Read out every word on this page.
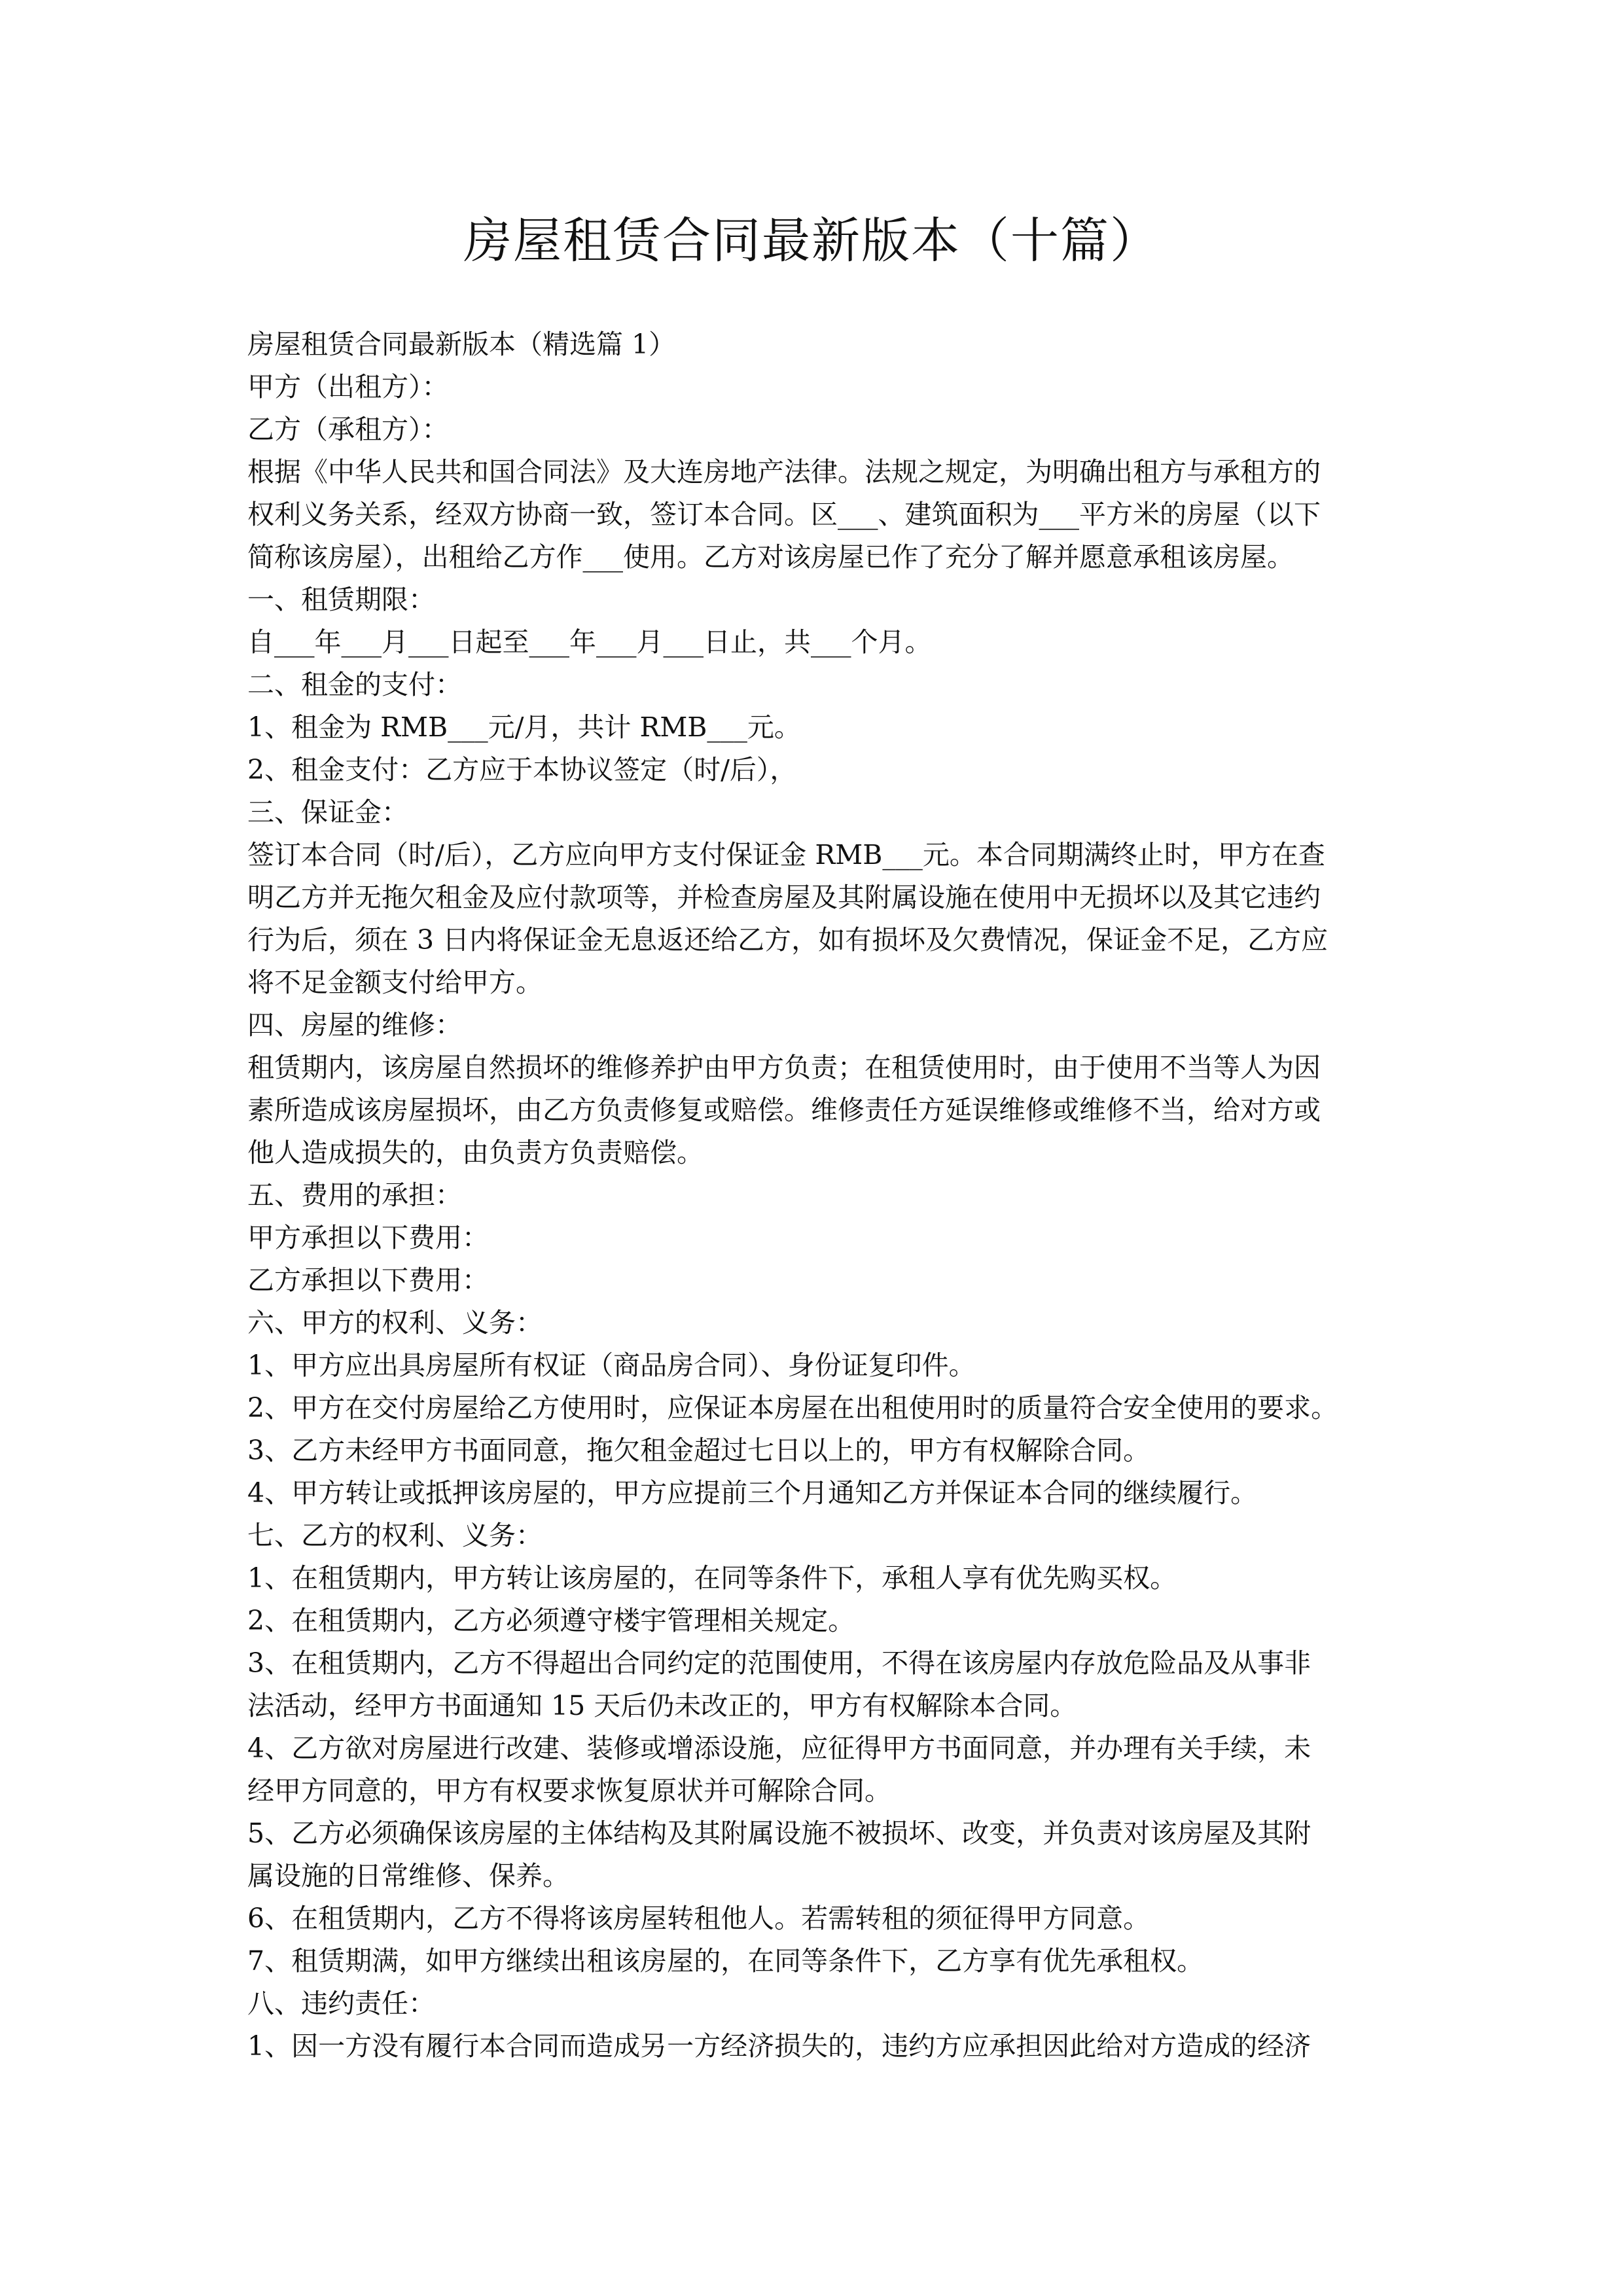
房屋租赁合同最新版本（十篇）
房屋租赁合同最新版本（精选篇 1）
甲方（出租方）：
乙方（承租方）：
根据《中华人民共和国合同法》及大连房地产法律。法规之规定，为明确出租方与承租方的
权利义务关系，经双方协商一致，签订本合同。区___、建筑面积为___平方米的房屋（以下
简称该房屋），出租给乙方作___使用。乙方对该房屋已作了充分了解并愿意承租该房屋。
一、租赁期限：
自___年___月___日起至___年___月___日止，共___个月。
二、租金的支付：
1、租金为 RMB___元/月，共计 RMB___元。
2、租金支付：乙方应于本协议签定（时/后），
三、保证金：
签订本合同（时/后），乙方应向甲方支付保证金 RMB___元。本合同期满终止时，甲方在查
明乙方并无拖欠租金及应付款项等，并检查房屋及其附属设施在使用中无损坏以及其它违约
行为后，须在 3 日内将保证金无息返还给乙方，如有损坏及欠费情况，保证金不足，乙方应
将不足金额支付给甲方。
四、房屋的维修：
租赁期内，该房屋自然损坏的维修养护由甲方负责；在租赁使用时，由于使用不当等人为因
素所造成该房屋损坏，由乙方负责修复或赔偿。维修责任方延误维修或维修不当，给对方或
他人造成损失的，由负责方负责赔偿。
五、费用的承担：
甲方承担以下费用：
乙方承担以下费用：
六、甲方的权利、义务：
1、甲方应出具房屋所有权证（商品房合同）、身份证复印件。
2、甲方在交付房屋给乙方使用时，应保证本房屋在出租使用时的质量符合安全使用的要求。
3、乙方未经甲方书面同意，拖欠租金超过七日以上的，甲方有权解除合同。
4、甲方转让或抵押该房屋的，甲方应提前三个月通知乙方并保证本合同的继续履行。
七、乙方的权利、义务：
1、在租赁期内，甲方转让该房屋的，在同等条件下，承租人享有优先购买权。
2、在租赁期内，乙方必须遵守楼宇管理相关规定。
3、在租赁期内，乙方不得超出合同约定的范围使用，不得在该房屋内存放危险品及从事非
法活动，经甲方书面通知 15 天后仍未改正的，甲方有权解除本合同。
4、乙方欲对房屋进行改建、装修或增添设施，应征得甲方书面同意，并办理有关手续，未
经甲方同意的，甲方有权要求恢复原状并可解除合同。
5、乙方必须确保该房屋的主体结构及其附属设施不被损坏、改变，并负责对该房屋及其附
属设施的日常维修、保养。
6、在租赁期内，乙方不得将该房屋转租他人。若需转租的须征得甲方同意。
7、租赁期满，如甲方继续出租该房屋的，在同等条件下，乙方享有优先承租权。
八、违约责任：
1、因一方没有履行本合同而造成另一方经济损失的，违约方应承担因此给对方造成的经济
